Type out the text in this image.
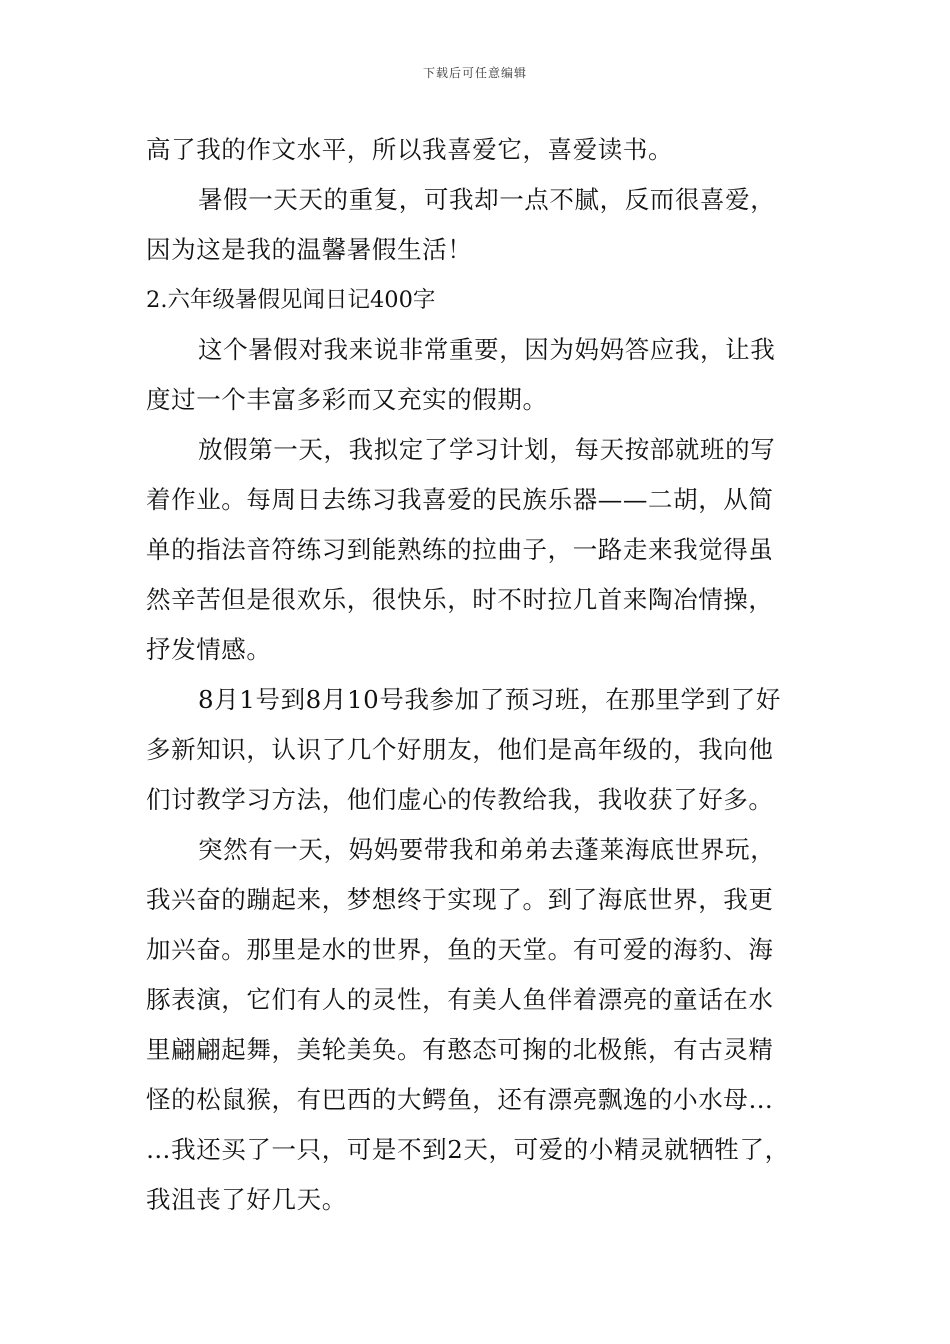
下载后可任意编辑
高了我的作文水平，所以我喜爱它，喜爱读书。
暑假一天天的重复，可我却一点不腻，反而很喜爱，
因为这是我的温馨暑假生活！
2.六年级暑假见闻日记400字
这个暑假对我来说非常重要，因为妈妈答应我，让我
度过一个丰富多彩而又充实的假期。
放假第一天，我拟定了学习计划，每天按部就班的写
着作业。每周日去练习我喜爱的民族乐器——二胡，从简
单的指法音符练习到能熟练的拉曲子，一路走来我觉得虽
然辛苦但是很欢乐，很快乐，时不时拉几首来陶冶情操，
抒发情感。
8月1号到8月10号我参加了预习班，在那里学到了好
多新知识，认识了几个好朋友，他们是高年级的，我向他
们讨教学习方法，他们虚心的传教给我，我收获了好多。
突然有一天，妈妈要带我和弟弟去蓬莱海底世界玩，
我兴奋的蹦起来，梦想终于实现了。到了海底世界，我更
加兴奋。那里是水的世界，鱼的天堂。有可爱的海豹、海
豚表演，它们有人的灵性，有美人鱼伴着漂亮的童话在水
里翩翩起舞，美轮美奂。有憨态可掬的北极熊，有古灵精
怪的松鼠猴，有巴西的大鳄鱼，还有漂亮飘逸的小水母…
…我还买了一只，可是不到2天，可爱的小精灵就牺牲了，
我沮丧了好几天。
